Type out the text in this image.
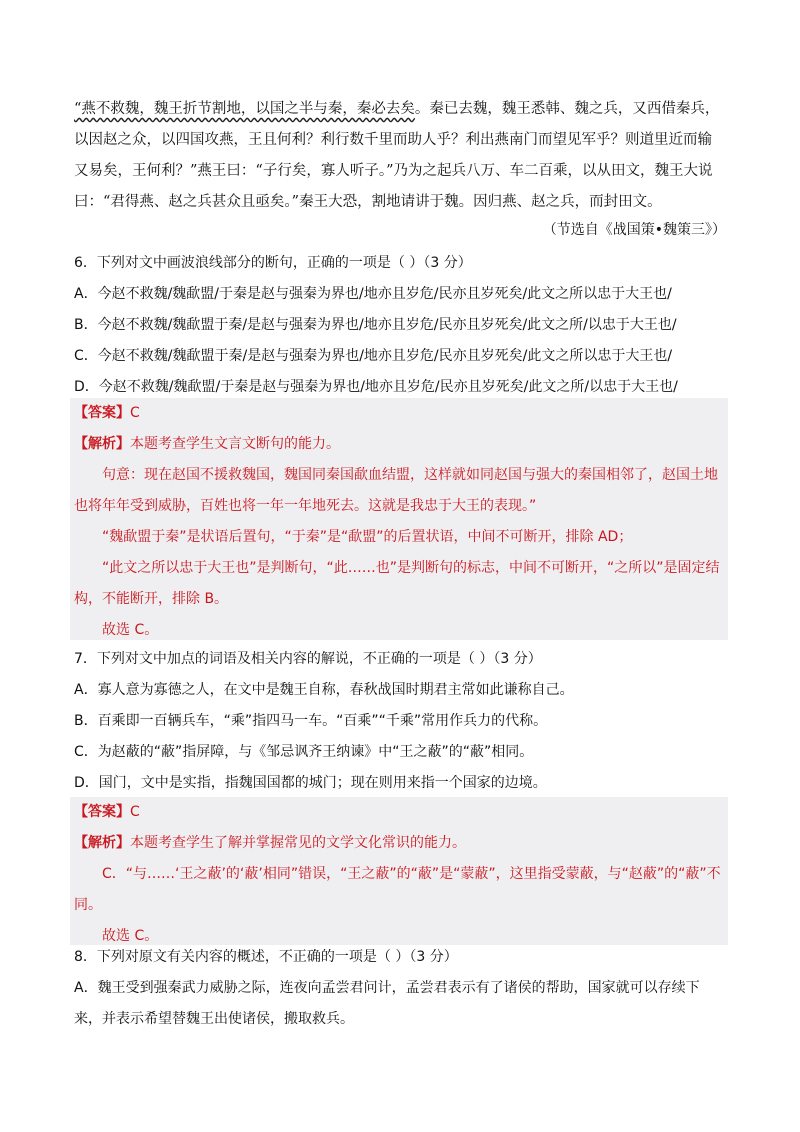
“燕不救魏，魏王折节割地，以国之半与秦，秦必去矣。秦已去魏，魏王悉韩、魏之兵，又西借秦兵，以因赵之众，以四国攻燕，王且何利？利行数千里而助人乎？利出燕南门而望见军乎？则道里近而输又易矣，王何利？”燕王曰：“子行矣，寡人听子。”乃为之起兵八万、车二百乘，以从田文，魏王大说曰：“君得燕、赵之兵甚众且亟矣。”秦王大恐，割地请讲于魏。因归燕、赵之兵，而封田文。

（节选自《战国策•魏策三》）
6．下列对文中画波浪线部分的断句，正确的一项是（ ）（3 分）
A．今赵不救魏/魏歃盟/于秦是赵与强秦为界也/地亦且岁危/民亦且岁死矣/此文之所以忠于大王也/
B．今赵不救魏/魏歃盟于秦/是赵与强秦为界也/地亦且岁危/民亦且岁死矣/此文之所/以忠于大王也/
C．今赵不救魏/魏歃盟于秦/是赵与强秦为界也/地亦且岁危/民亦且岁死矣/此文之所以忠于大王也/
D．今赵不救魏/魏歃盟/于秦是赵与强秦为界也/地亦且岁危/民亦且岁死矣/此文之所/以忠于大王也/
【答案】C
【解析】本题考查学生文言文断句的能力。
句意：现在赵国不援救魏国，魏国同秦国歃血结盟，这样就如同赵国与强大的秦国相邻了，赵国土地也将年年受到威胁，百姓也将一年一年地死去。这就是我忠于大王的表现。”
“魏歃盟于秦”是状语后置句，“于秦”是“歃盟”的后置状语，中间不可断开，排除 AD；
“此文之所以忠于大王也”是判断句，“此……也”是判断句的标志，中间不可断开，“之所以”是固定结构，不能断开，排除 B。
故选 C。
7．下列对文中加点的词语及相关内容的解说，不正确的一项是（ ）（3 分）
A．寡人意为寡德之人，在文中是魏王自称，春秋战国时期君主常如此谦称自己。
B．百乘即一百辆兵车，“乘”指四马一车。“百乘”“千乘”常用作兵力的代称。
C．为赵蔽的“蔽”指屏障，与《邹忌讽齐王纳谏》中“王之蔽”的“蔽”相同。
D．国门，文中是实指，指魏国国都的城门；现在则用来指一个国家的边境。
【答案】C
【解析】本题考查学生了解并掌握常见的文学文化常识的能力。
C．“与……‘王之蔽’的‘蔽’相同”错误，“王之蔽”的“蔽”是“蒙蔽”，这里指受蒙蔽，与“赵蔽”的“蔽”不同。
故选 C。
8．下列对原文有关内容的概述，不正确的一项是（ ）（3 分）
A．魏王受到强秦武力威胁之际，连夜向孟尝君问计，孟尝君表示有了诸侯的帮助，国家就可以存续下来，并表示希望替魏王出使诸侯，搬取救兵。
